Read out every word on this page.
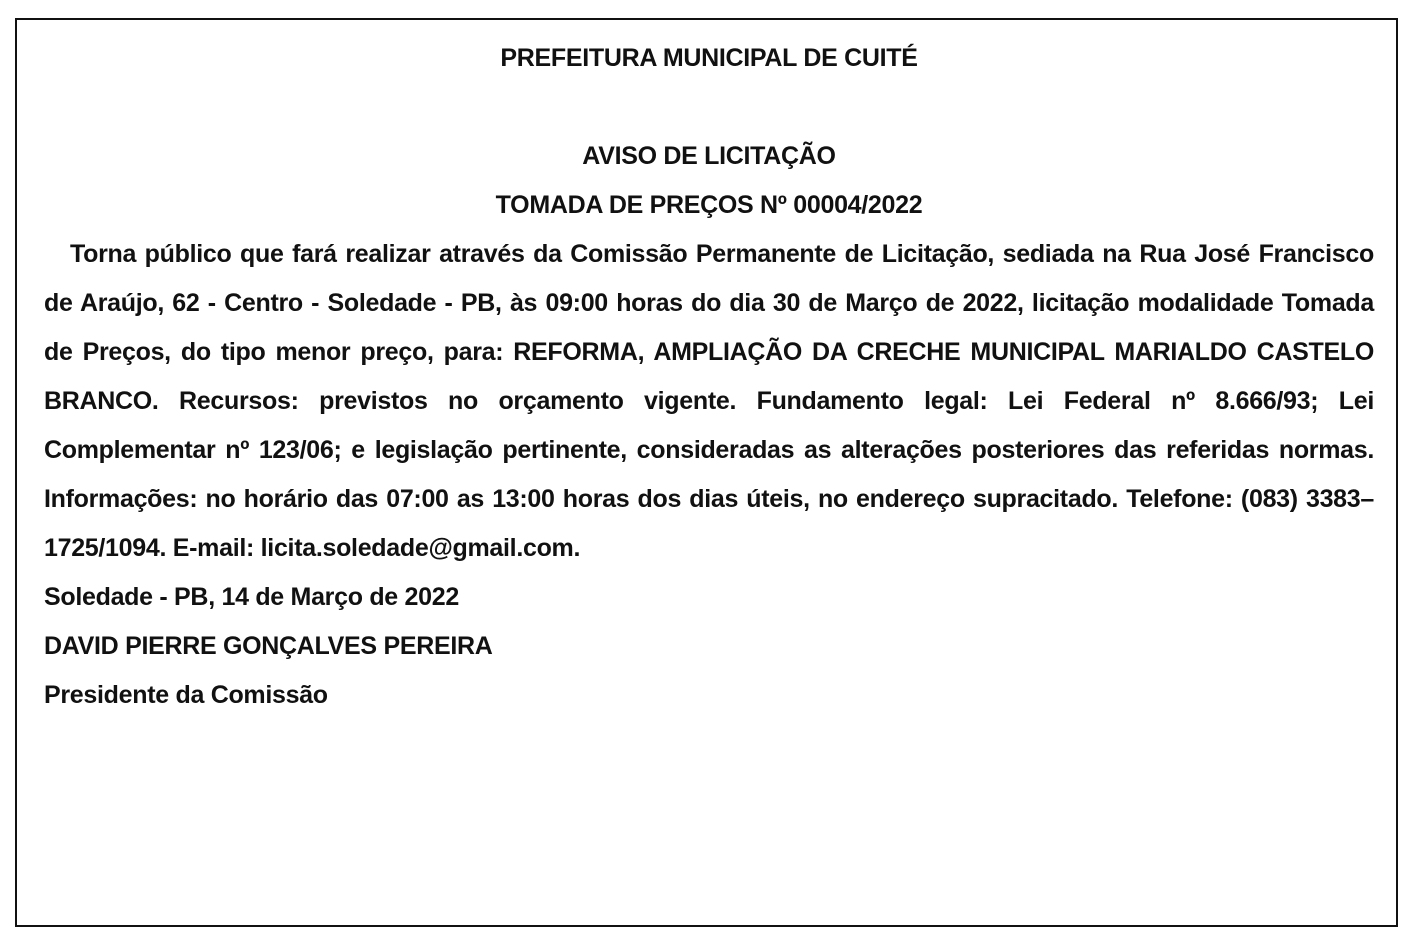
PREFEITURA MUNICIPAL DE CUITÉ
AVISO DE LICITAÇÃO
TOMADA DE PREÇOS Nº 00004/2022

Torna público que fará realizar através da Comissão Permanente de Licitação, sediada na Rua José Francisco de Araújo, 62 - Centro - Soledade - PB, às 09:00 horas do dia 30 de Março de 2022, licitação modalidade Tomada de Preços, do tipo menor preço, para: REFORMA, AMPLIAÇÃO DA CRECHE MUNICIPAL MARIALDO CASTELO BRANCO. Recursos: previstos no orçamento vigente. Fundamento legal: Lei Federal nº 8.666/93; Lei Complementar nº 123/06; e legislação pertinente, consideradas as alterações posteriores das referidas normas. Informações: no horário das 07:00 as 13:00 horas dos dias úteis, no endereço supracitado. Telefone: (083) 3383–1725/1094. E-mail: licita.soledade@gmail.com.

Soledade - PB, 14 de Março de 2022
DAVID PIERRE GONÇALVES PEREIRA
Presidente da Comissão
